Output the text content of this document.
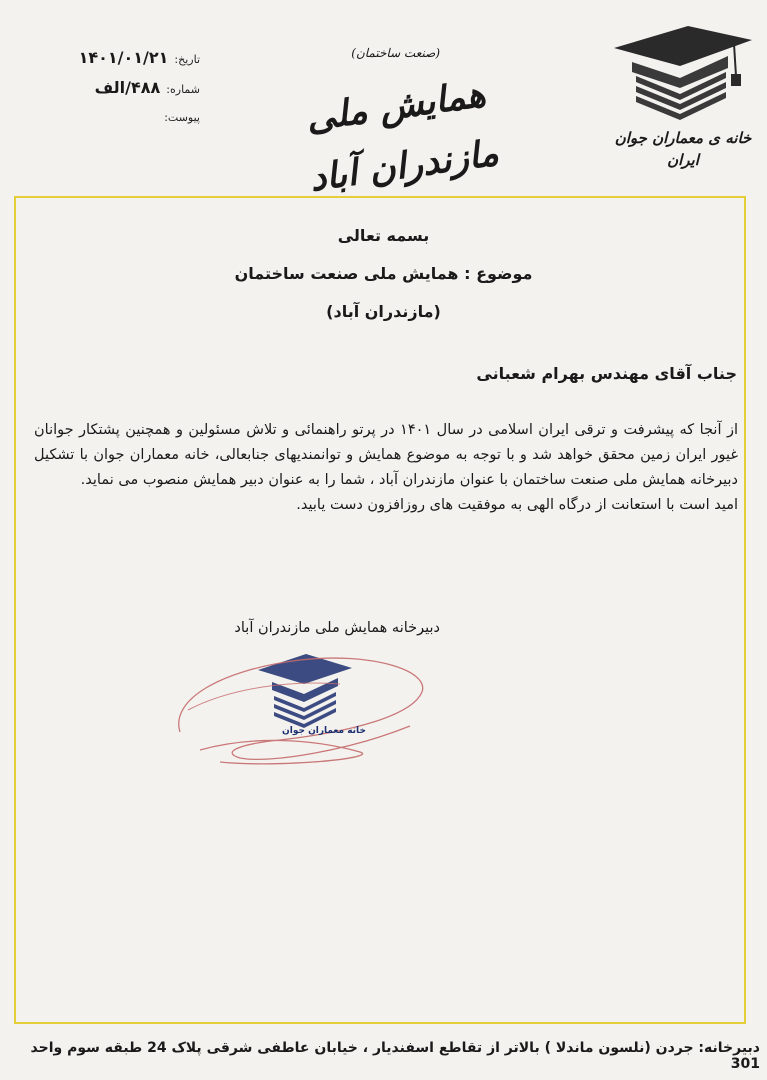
تاریخ:
۱۴۰۱/۰۱/۲۱
شماره:
۴۸۸/الف
پیوست:
(صنعت ساختمان)
همایش ملی مازندران آباد	خانه ی معماران جوان
ایران
بسمه تعالی
موضوع : همایش ملی صنعت ساختمان
(مازندران آباد)
جناب آقای مهندس بهرام شعبانی

از آنجا که پیشرفت و ترقی ایران اسلامی در سال ۱۴۰۱ در پرتو راهنمائی و تلاش مسئولین و همچنین پشتکار جوانان غیور ایران زمین محقق خواهد شد و با توجه به موضوع همایش و توانمندیهای جنابعالی، خانه معماران جوان با تشکیل دبیرخانه همایش ملی صنعت ساختمان با عنوان مازندران آباد ، شما را به عنوان دبیر همایش منصوب می نماید.

امید است با استعانت از درگاه الهی به موفقیت های روزافزون دست یابید.

دبیرخانه همایش ملی مازندران آباد
خانه معماران جوان
دبیرخانه: جردن (نلسون ماندلا ) بالاتر از تقاطع اسفندیار ، خیابان عاطفی شرقی پلاک 24 طبقه سوم واحد 301
